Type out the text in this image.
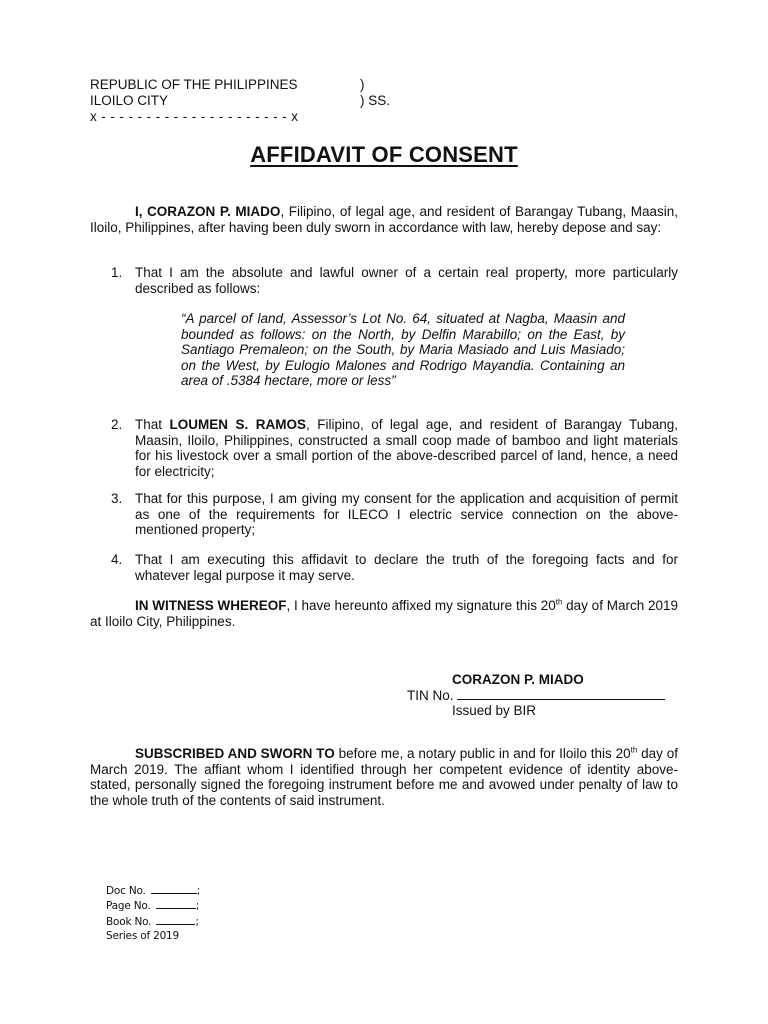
REPUBLIC OF THE PHILIPPINES	)
ILOILO CITY	) SS.
x - - - - - - - - - - - - - - - - - - - - - x
AFFIDAVIT OF CONSENT
I, CORAZON P. MIADO, Filipino, of legal age, and resident of Barangay Tubang, Maasin, Iloilo, Philippines, after having been duly sworn in accordance with law, hereby depose and say:
1. That I am the absolute and lawful owner of a certain real property, more particularly described as follows:
“A parcel of land, Assessor’s Lot No. 64, situated at Nagba, Maasin and bounded as follows: on the North, by Delfin Marabillo; on the East, by Santiago Premaleon; on the South, by Maria Masiado and Luis Masiado; on the West, by Eulogio Malones and Rodrigo Mayandia. Containing an area of .5384 hectare, more or less”
2. That LOUMEN S. RAMOS, Filipino, of legal age, and resident of Barangay Tubang, Maasin, Iloilo, Philippines, constructed a small coop made of bamboo and light materials for his livestock over a small portion of the above-described parcel of land, hence, a need for electricity;
3. That for this purpose, I am giving my consent for the application and acquisition of permit as one of the requirements for ILECO I electric service connection on the above-mentioned property;
4. That I am executing this affidavit to declare the truth of the foregoing facts and for whatever legal purpose it may serve.
IN WITNESS WHEREOF, I have hereunto affixed my signature this 20th day of March 2019 at Iloilo City, Philippines.
CORAZON P. MIADO
TIN No.
Issued by BIR
SUBSCRIBED AND SWORN TO before me, a notary public in and for Iloilo this 20th day of March 2019. The affiant whom I identified through her competent evidence of identity above-stated, personally signed the foregoing instrument before me and avowed under penalty of law to the whole truth of the contents of said instrument.
Doc No.	;
Page No.	;
Book No.	;
Series of 2019
